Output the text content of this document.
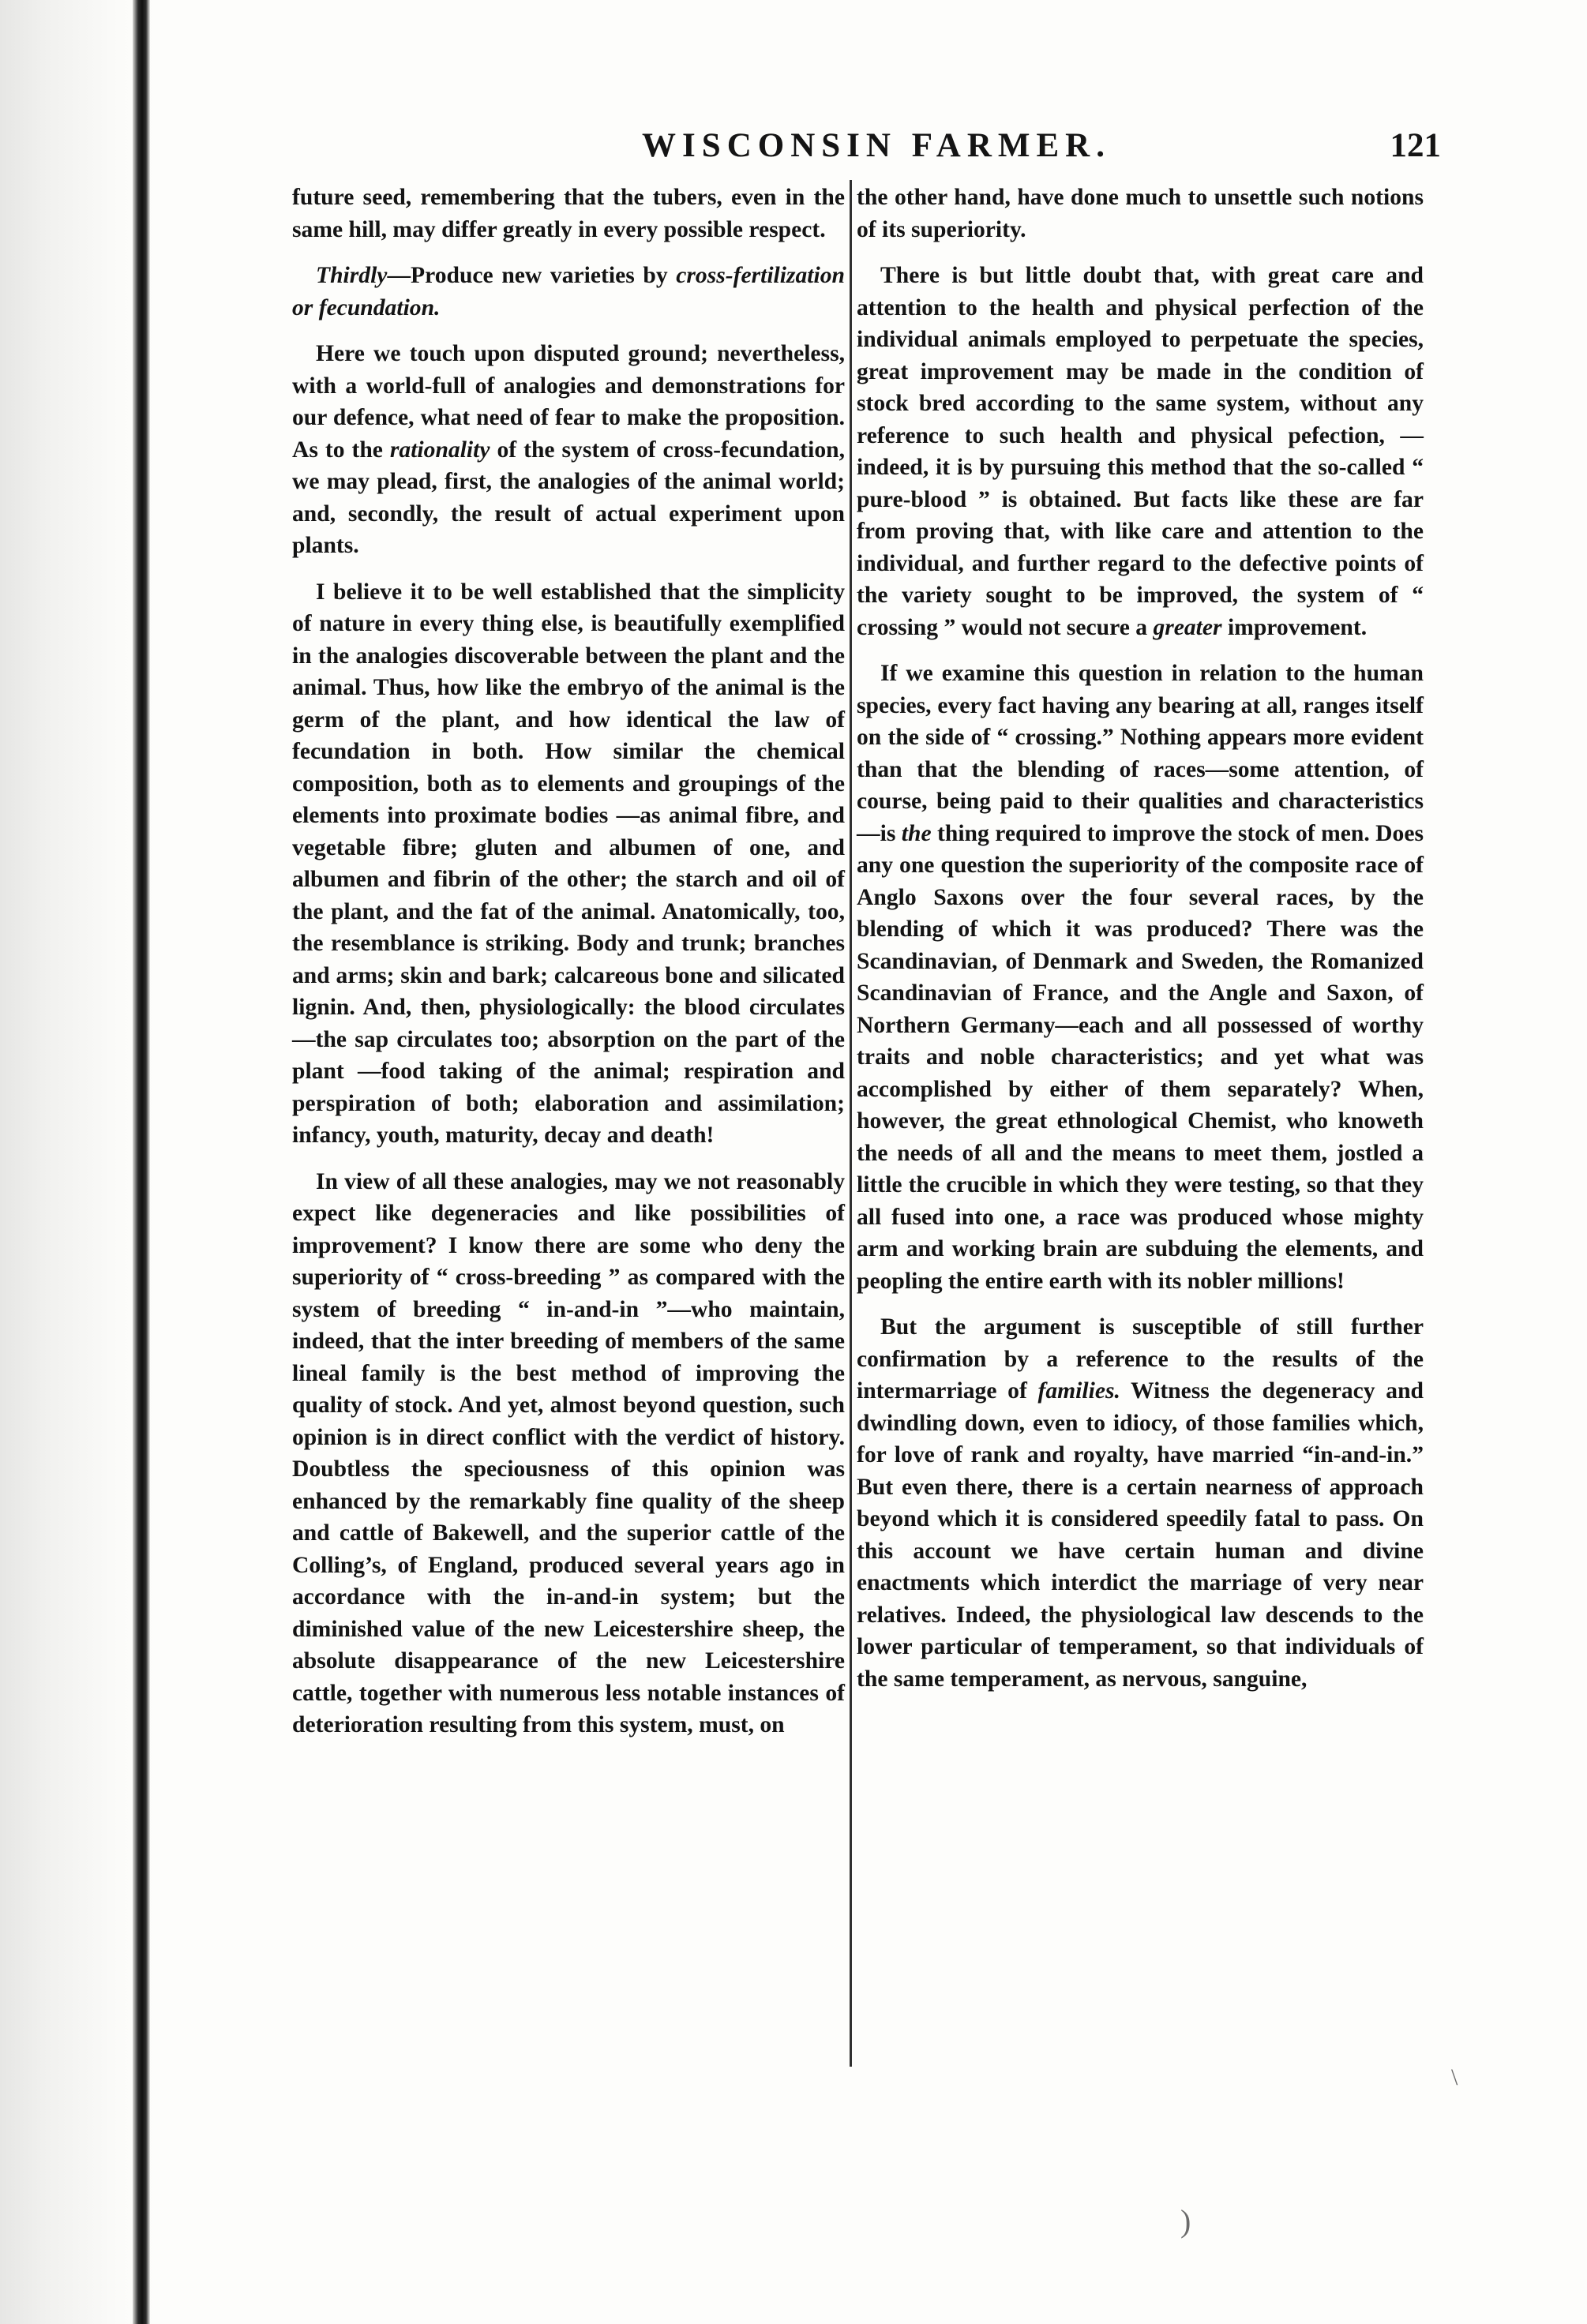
WISCONSIN FARMER.	121

future seed, remembering that the tubers, even in the same hill, may differ greatly in every possible respect.

Thirdly—Produce new varieties by cross-fertilization or fecundation.

Here we touch upon disputed ground; nevertheless, with a world-full of analogies and demonstrations for our defence, what need of fear to make the proposition. As to the rationality of the system of cross-fecundation, we may plead, first, the analogies of the animal world; and, secondly, the result of actual experiment upon plants.

I believe it to be well established that the simplicity of nature in every thing else, is beautifully exemplified in the analogies discoverable between the plant and the animal. Thus, how like the embryo of the animal is the germ of the plant, and how identical the law of fecundation in both. How similar the chemical composition, both as to elements and groupings of the elements into proximate bodies —as animal fibre, and vegetable fibre; gluten and albumen of one, and albumen and fibrin of the other; the starch and oil of the plant, and the fat of the animal. Anatomically, too, the resemblance is striking. Body and trunk; branches and arms; skin and bark; calcareous bone and silicated lignin. And, then, physiologically: the blood circulates—the sap circulates too; absorption on the part of the plant —food taking of the animal; respiration and perspiration of both; elaboration and assimilation; infancy, youth, maturity, decay and death!

In view of all these analogies, may we not reasonably expect like degeneracies and like possibilities of improvement? I know there are some who deny the superiority of “ cross-breeding ” as compared with the system of breeding “ in-and-in ”—who maintain, indeed, that the inter breeding of members of the same lineal family is the best method of improving the quality of stock. And yet, almost beyond question, such opinion is in direct conflict with the verdict of history. Doubtless the speciousness of this opinion was enhanced by the remarkably fine quality of the sheep and cattle of Bakewell, and the superior cattle of the Colling’s, of England, produced several years ago in accordance with the in-and-in system; but the diminished value of the new Leicestershire sheep, the absolute disappearance of the new Leicestershire cattle, together with numerous less notable instances of deterioration resulting from this system, must, on

the other hand, have done much to unsettle such notions of its superiority.

There is but little doubt that, with great care and attention to the health and physical perfection of the individual animals employed to perpetuate the species, great improvement may be made in the condition of stock bred according to the same system, without any reference to such health and physical pefection, —indeed, it is by pursuing this method that the so-called “ pure-blood ” is obtained. But facts like these are far from proving that, with like care and attention to the individual, and further regard to the defective points of the variety sought to be improved, the system of “ crossing ” would not secure a greater improvement.

If we examine this question in relation to the human species, every fact having any bearing at all, ranges itself on the side of “ crossing.” Nothing appears more evident than that the blending of races—some attention, of course, being paid to their qualities and characteristics—is the thing required to improve the stock of men. Does any one question the superiority of the composite race of Anglo Saxons over the four several races, by the blending of which it was produced? There was the Scandinavian, of Denmark and Sweden, the Romanized Scandinavian of France, and the Angle and Saxon, of Northern Germany—each and all possessed of worthy traits and noble characteristics; and yet what was accomplished by either of them separately? When, however, the great ethnological Chemist, who knoweth the needs of all and the means to meet them, jostled a little the crucible in which they were testing, so that they all fused into one, a race was produced whose mighty arm and working brain are subduing the elements, and peopling the entire earth with its nobler millions!

But the argument is susceptible of still further confirmation by a reference to the results of the intermarriage of families. Witness the degeneracy and dwindling down, even to idiocy, of those families which, for love of rank and royalty, have married “in-and-in.” But even there, there is a certain nearness of approach beyond which it is considered speedily fatal to pass. On this account we have certain human and divine enactments which interdict the marriage of very near relatives. Indeed, the physiological law descends to the lower particular of temperament, so that individuals of the same temperament, as nervous, sanguine,

)
\
